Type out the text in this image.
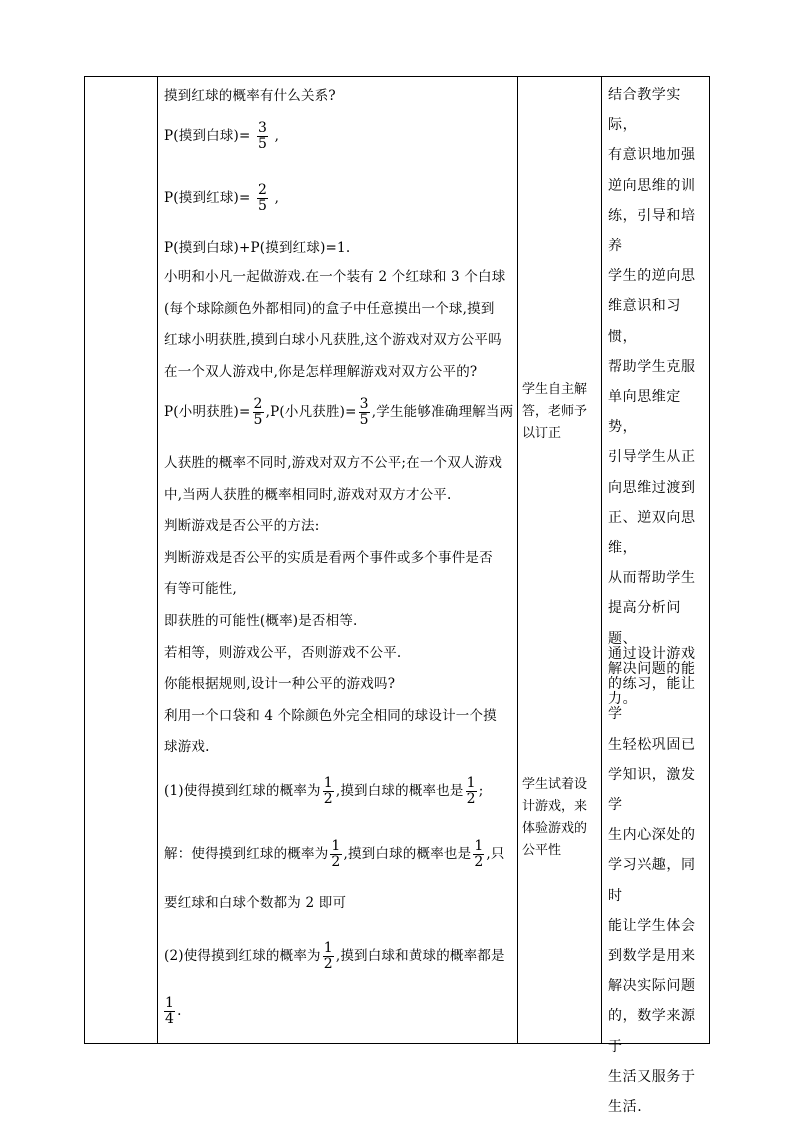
摸到红球的概率有什么关系?
P(摸到白球)= $\frac{3}{5}$ ,
P(摸到红球)= $\frac{2}{5}$ ,
P(摸到白球)+P(摸到红球)=1.
小明和小凡一起做游戏.在一个装有 2 个红球和 3 个白球
(每个球除颜色外都相同)的盒子中任意摸出一个球,摸到
红球小明获胜,摸到白球小凡获胜,这个游戏对双方公平吗
在一个双人游戏中,你是怎样理解游戏对双方公平的?
P(小明获胜)= $\frac{2}{5} ,P$(小凡获胜)= $\frac{3}{5}$ ,学生能够准确理解当两
人获胜的概率不同时,游戏对双方不公平;在一个双人游戏
中,当两人获胜的概率相同时,游戏对双方才公平.
判断游戏是否公平的方法:
判断游戏是否公平的实质是看两个事件或多个事件是否
有等可能性,
即获胜的可能性(概率)是否相等.
若相等，则游戏公平，否则游戏不公平.
你能根据规则,设计一种公平的游戏吗?
利用一个口袋和 4 个除颜色外完全相同的球设计一个摸
球游戏.
(1)使得摸到红球的概率为 $\frac{1}{2}$ ,摸到白球的概率也是 $\frac{1}{2}$ ;
解：使得摸到红球的概率为 $\frac{1}{2}$ ,摸到白球的概率也是 $\frac{1}{2}$ ,只
要红球和白球个数都为 2 即可
(2)使得摸到红球的概率为 $\frac{1}{2}$ ,摸到白球和黄球的概率都是
$\frac{1}{4}$ .
学生自主解
答，老师予
以订正
学生试着设
计游戏，来
体验游戏的
公平性
结合教学实际，
有意识地加强
逆向思维的训
练，引导和培养
学生的逆向思
维意识和习惯，
帮助学生克服
单向思维定势，
引导学生从正
向思维过渡到
正、逆双向思维，
从而帮助学生
提高分析问题、
解决问题的能
力。
通过设计游戏
的练习，能让学
生轻松巩固已
学知识，激发学
生内心深处的
学习兴趣，同时
能让学生体会
到数学是用来
解决实际问题
的，数学来源于
生活又服务于
生活.
